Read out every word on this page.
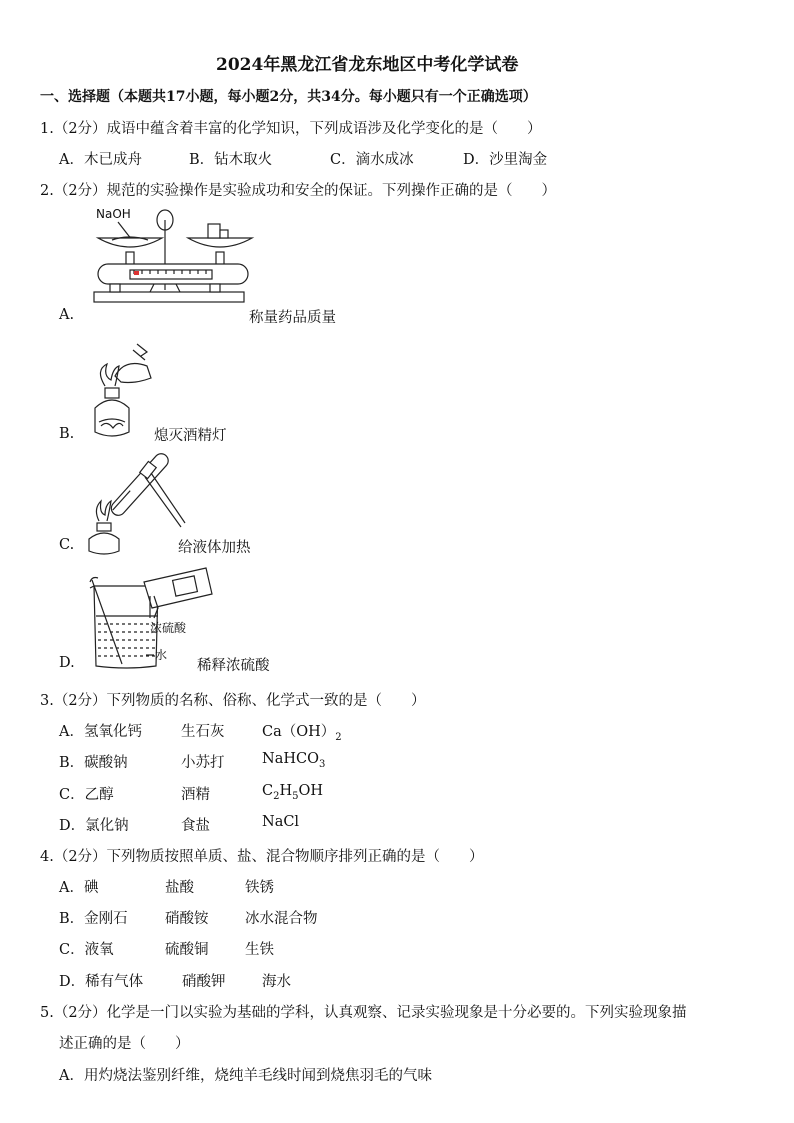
2024年黑龙江省龙东地区中考化学试卷
一、选择题（本题共17小题，每小题2分，共34分。每小题只有一个正确选项）
1.（2分）成语中蕴含着丰富的化学知识，下列成语涉及化学变化的是（　　）
A．木已成舟	B．钻木取火	C．滴水成冰	D．沙里淘金
2.（2分）规范的实验操作是实验成功和安全的保证。下列操作正确的是（　　）
NaOH
A.	称量药品质量
B.	熄灭酒精灯
C.	给液体加热
浓硫酸
水
D.	稀释浓硫酸
3.（2分）下列物质的名称、俗称、化学式一致的是（　　）
A．氢氧化钙	生石灰	$Ca(OH)_2$
B．碳酸钠	小苏打	NaHCO$_3$
C．乙醇	酒精	$C_2H_5OH$
D．氯化钠	食盐	NaCl
4.（2分）下列物质按照单质、盐、混合物顺序排列正确的是（　　）
A．碘	盐酸	铁锈
B．金刚石	硝酸铵	冰水混合物
C．液氧	硫酸铜	生铁
D．稀有气体	硝酸钾	海水
5.（2分）化学是一门以实验为基础的学科，认真观察、记录实验现象是十分必要的。下列实验现象描
述正确的是（　　）
A．用灼烧法鉴别纤维，烧纯羊毛线时闻到烧焦羽毛的气味
